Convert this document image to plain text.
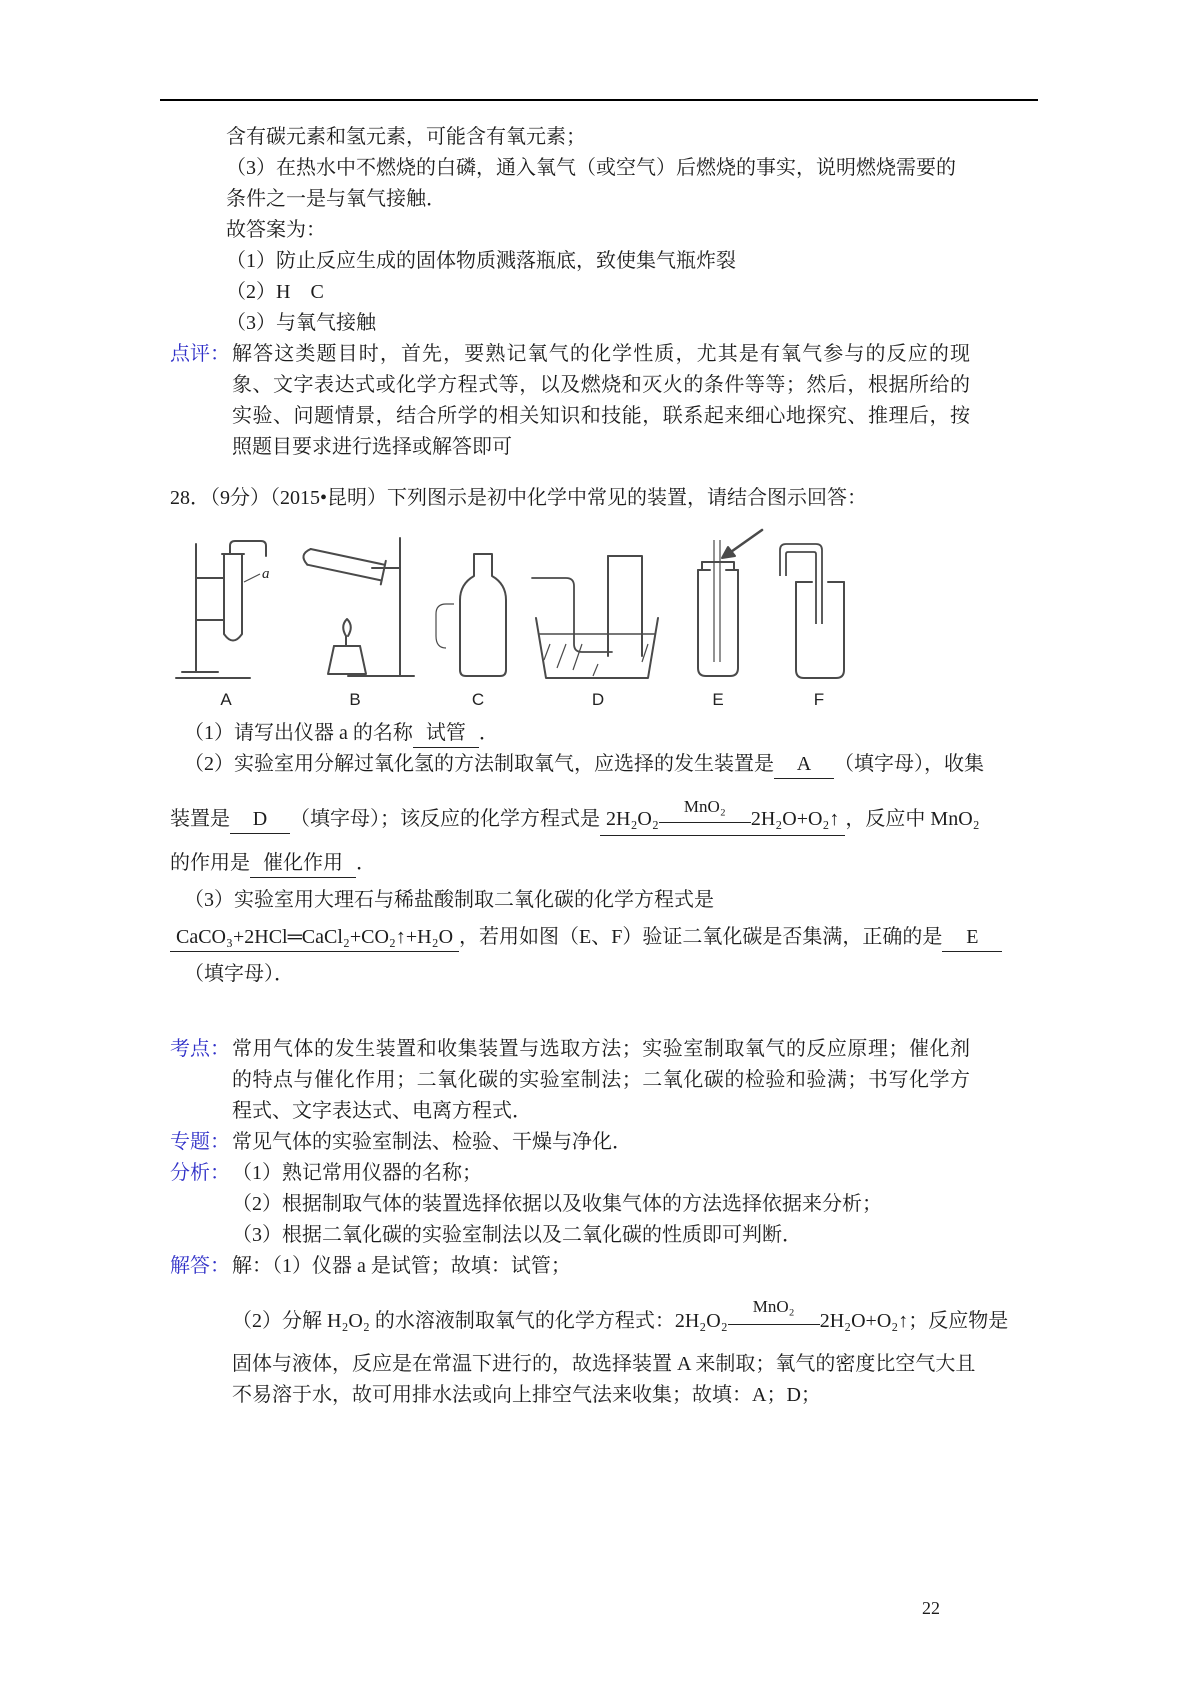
含有碳元素和氢元素，可能含有氧元素；
（3）在热水中不燃烧的白磷，通入氧气（或空气）后燃烧的事实，说明燃烧需要的
条件之一是与氧气接触．
故答案为：
（1）防止反应生成的固体物质溅落瓶底，致使集气瓶炸裂
（2）H　C
（3）与氧气接触
点评： 解答这类题目时，首先，要熟记氧气的化学性质，尤其是有氧气参与的反应的现象、文字表达式或化学方程式等，以及燃烧和灭火的条件等等；然后，根据所给的实验、问题情景，结合所学的相关知识和技能，联系起来细心地探究、推理后，按照题目要求进行选择或解答即可
28．（9分）（2015•昆明）下列图示是初中化学中常见的装置，请结合图示回答：
a
A	B	C	D	E	F
（1）请写出仪器 a 的名称 试管 ．
（2）实验室用分解过氧化氢的方法制取氧气，应选择的发生装置是 A （填字母），收集
装置是 D （填字母）；该反应的化学方程式是 2H₂O₂
MnO₂
2H₂O+O₂↑ ，反应中 MnO₂
的作用是 催化作用 ．
（3）实验室用大理石与稀盐酸制取二氧化碳的化学方程式是
CaCO₃+2HCl═CaCl₂+CO₂↑+H₂O ，若用如图（E、F）验证二氧化碳是否集满，正确的是 E
（填字母）．
考点： 常用气体的发生装置和收集装置与选取方法；实验室制取氧气的反应原理；催化剂的特点与催化作用；二氧化碳的实验室制法；二氧化碳的检验和验满；书写化学方程式、文字表达式、电离方程式．
专题： 常见气体的实验室制法、检验、干燥与净化．
分析： （1）熟记常用仪器的名称；
（2）根据制取气体的装置选择依据以及收集气体的方法选择依据来分析；
（3）根据二氧化碳的实验室制法以及二氧化碳的性质即可判断．
解答： 解：（1）仪器 a 是试管；故填：试管；
（2）分解 H₂O₂ 的水溶液制取氧气的化学方程式：2H₂O₂
MnO₂
2H₂O+O₂↑；反应物是
固体与液体，反应是在常温下进行的，故选择装置 A 来制取；氧气的密度比空气大且
不易溶于水，故可用排水法或向上排空气法来收集；故填：A；D；
22
